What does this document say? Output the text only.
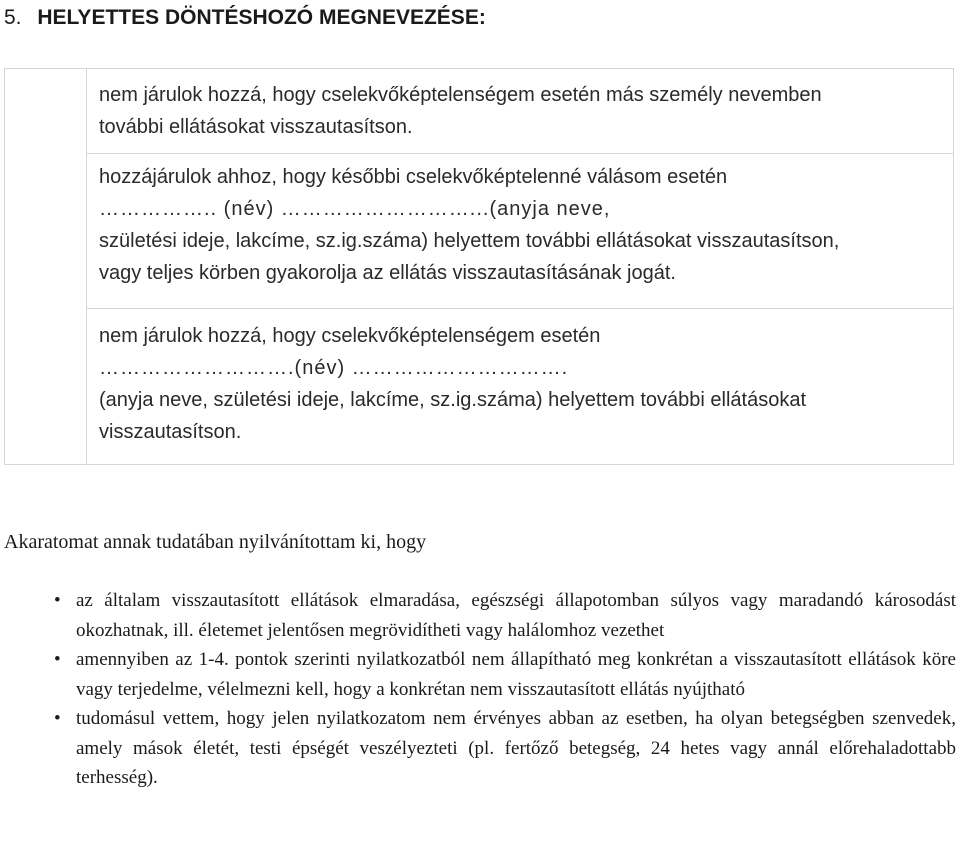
5. HELYETTES DÖNTÉSHOZÓ MEGNEVEZÉSE:

nem járulok hozzá, hogy cselekvőképtelenségem esetén más személy nevemben
további ellátásokat visszautasítson.

hozzájárulok ahhoz, hogy későbbi cselekvőképtelenné válásom esetén
…………….. (név) ………………………...(anyja neve,
születési ideje, lakcíme, sz.ig.száma) helyettem további ellátásokat visszautasítson,
vagy teljes körben gyakorolja az ellátás visszautasításának jogát.

nem járulok hozzá, hogy cselekvőképtelenségem esetén
……………………….(név) ………………………….
(anyja neve, születési ideje, lakcíme, sz.ig.száma) helyettem további ellátásokat
visszautasítson.

Akaratomat annak tudatában nyilvánítottam ki, hogy

• az általam visszautasított ellátások elmaradása, egészségi állapotomban súlyos vagy maradandó károsodást okozhatnak, ill. életemet jelentősen megrövidítheti vagy halálomhoz vezethet
• amennyiben az 1-4. pontok szerinti nyilatkozatból nem állapítható meg konkrétan a visszautasított ellátások köre vagy terjedelme, vélelmezni kell, hogy a konkrétan nem visszautasított ellátás nyújtható
• tudomásul vettem, hogy jelen nyilatkozatom nem érvényes abban az esetben, ha olyan betegségben szenvedek, amely mások életét, testi épségét veszélyezteti (pl. fertőző betegség, 24 hetes vagy annál előrehaladottabb terhesség).
